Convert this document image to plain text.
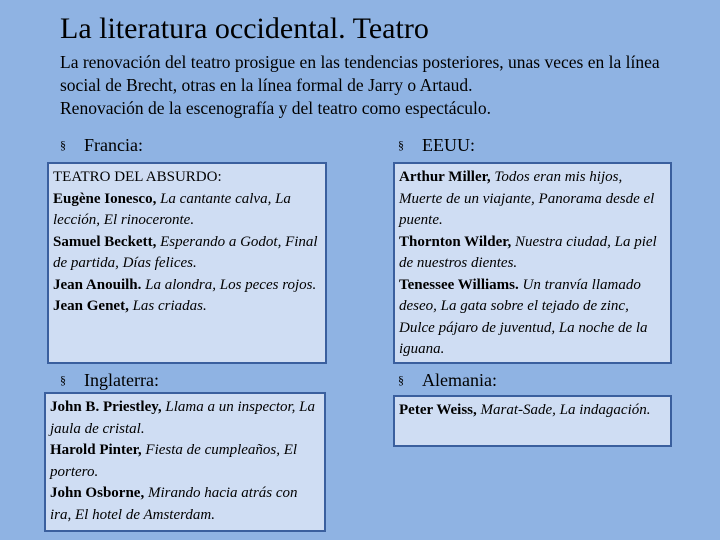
La literatura occidental. Teatro

La renovación del teatro prosigue en las tendencias posteriores, unas veces en la línea social de Brecht, otras en la línea formal de Jarry o Artaud.

Renovación de la escenografía y del teatro como espectáculo.

§ Francia:

TEATRO DEL ABSURDO:

Eugène Ionesco, La cantante calva, La lección, El rinoceronte.

Samuel Beckett, Esperando a Godot, Final de partida, Días felices.

Jean Anouilh. La alondra, Los peces rojos.

Jean Genet, Las criadas.

§ EEUU:

Arthur Miller, Todos eran mis hijos, Muerte de un viajante, Panorama desde el puente.

Thornton Wilder, Nuestra ciudad, La piel de nuestros dientes.

Tenessee Williams. Un tranvía llamado deseo, La gata sobre el tejado de zinc, Dulce pájaro de juventud, La noche de la iguana.

§ Inglaterra:

John B. Priestley, Llama a un inspector, La jaula de cristal.

Harold Pinter, Fiesta de cumpleaños, El portero.

John Osborne, Mirando hacia atrás con ira, El hotel de Amsterdam.

§ Alemania:

Peter Weiss, Marat-Sade, La indagación.
